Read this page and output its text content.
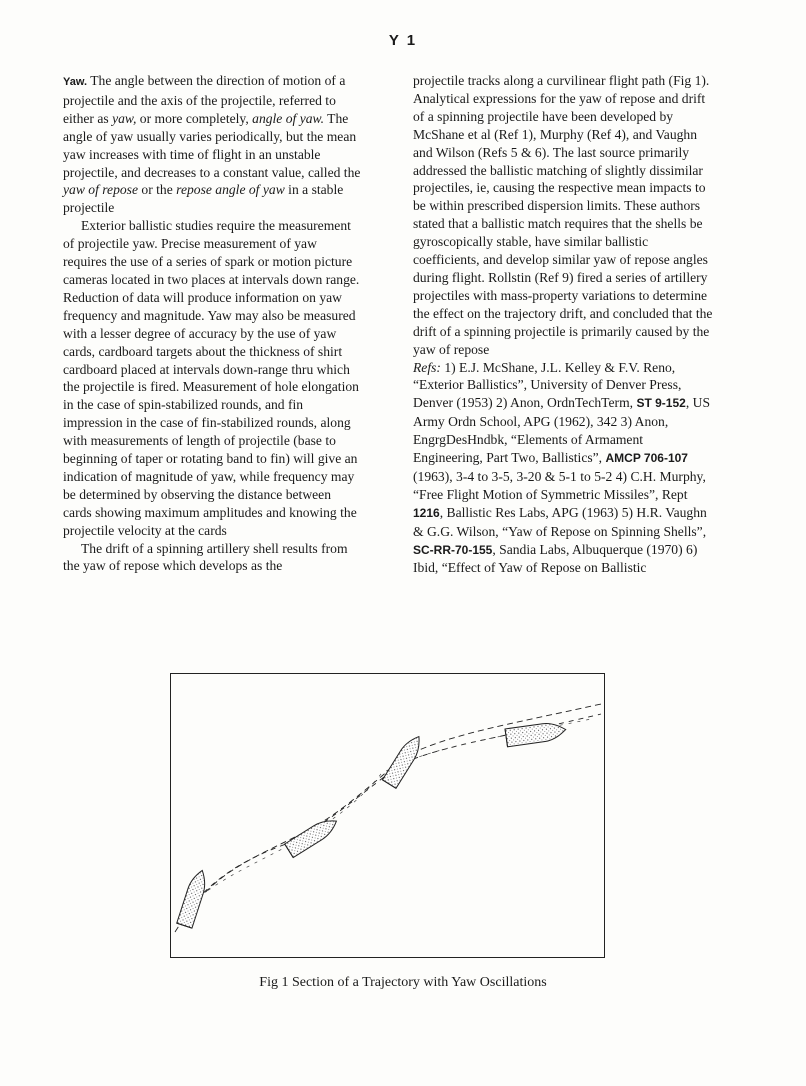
Y 1

Yaw. The angle between the direction of motion of a projectile and the axis of the projectile, referred to either as yaw, or more completely, angle of yaw. The angle of yaw usually varies periodically, but the mean yaw increases with time of flight in an unstable projectile, and decreases to a constant value, called the yaw of repose or the repose angle of yaw in a stable projectile

Exterior ballistic studies require the measurement of projectile yaw. Precise measurement of yaw requires the use of a series of spark or motion picture cameras located in two places at intervals down range. Reduction of data will produce information on yaw frequency and magnitude. Yaw may also be measured with a lesser degree of accuracy by the use of yaw cards, cardboard targets about the thickness of shirt cardboard placed at intervals down-range thru which the projectile is fired. Measurement of hole elongation in the case of spin-stabilized rounds, and fin impression in the case of fin-stabilized rounds, along with measurements of length of projectile (base to beginning of taper or rotating band to fin) will give an indication of magnitude of yaw, while frequency may be determined by observing the distance between cards showing maximum amplitudes and knowing the projectile velocity at the cards

The drift of a spinning artillery shell results from the yaw of repose which develops as the

projectile tracks along a curvilinear flight path (Fig 1). Analytical expressions for the yaw of repose and drift of a spinning projectile have been developed by McShane et al (Ref 1), Murphy (Ref 4), and Vaughn and Wilson (Refs 5 & 6). The last source primarily addressed the ballistic matching of slightly dissimilar projectiles, ie, causing the respective mean impacts to be within prescribed dispersion limits. These authors stated that a ballistic match requires that the shells be gyroscopically stable, have similar ballistic coefficients, and develop similar yaw of repose angles during flight. Rollstin (Ref 9) fired a series of artillery projectiles with mass-property variations to determine the effect on the trajectory drift, and concluded that the drift of a spinning projectile is primarily caused by the yaw of repose

Refs: 1) E.J. McShane, J.L. Kelley & F.V. Reno, “Exterior Ballistics”, University of Denver Press, Denver (1953) 2) Anon, OrdnTechTerm, ST 9-152, US Army Ordn School, APG (1962), 342 3) Anon, EngrgDesHndbk, “Elements of Armament Engineering, Part Two, Ballistics”, AMCP 706-107 (1963), 3-4 to 3-5, 3-20 & 5-1 to 5-2 4) C.H. Murphy, “Free Flight Motion of Symmetric Missiles”, Rept 1216, Ballistic Res Labs, APG (1963) 5) H.R. Vaughn & G.G. Wilson, “Yaw of Repose on Spinning Shells”, SC-RR-70-155, Sandia Labs, Albuquerque (1970) 6) Ibid, “Effect of Yaw of Repose on Ballistic

Fig 1 Section of a Trajectory with Yaw Oscillations
